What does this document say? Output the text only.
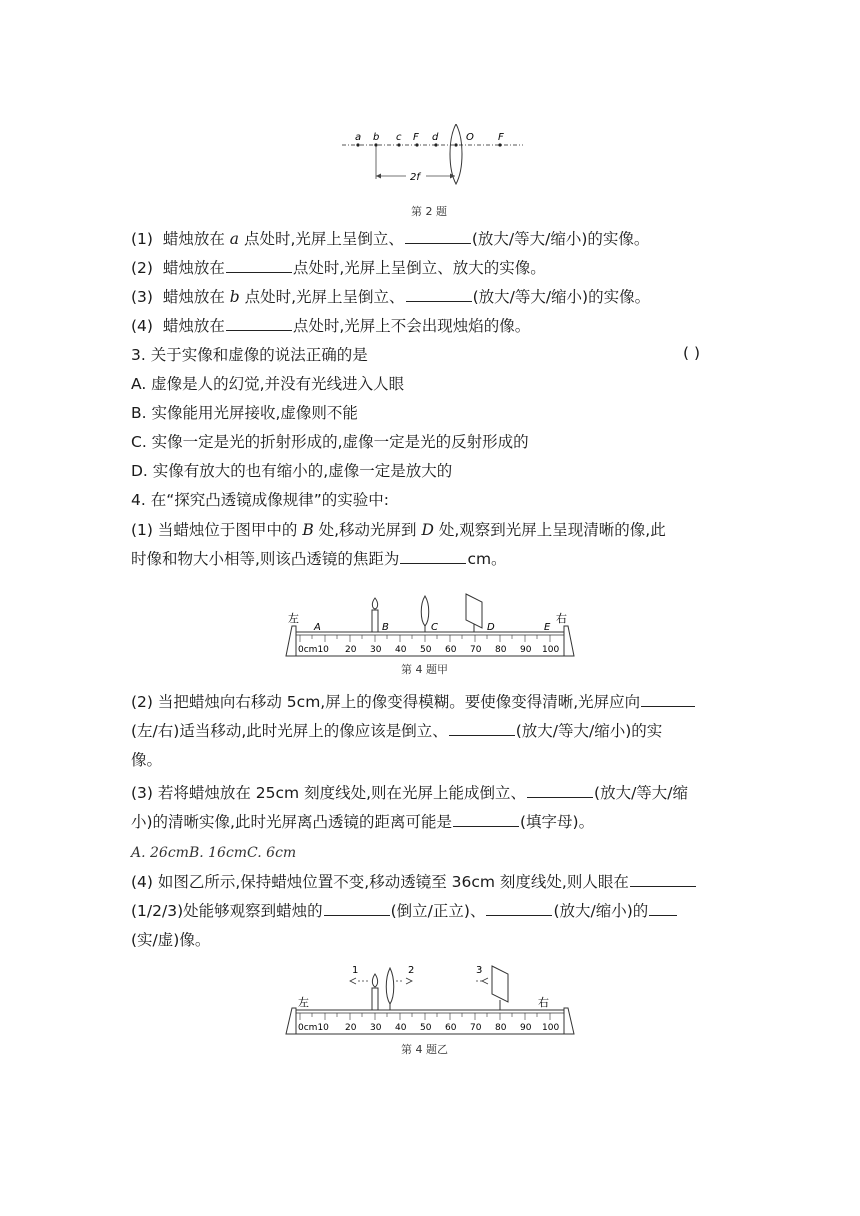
a b c F d	O F
2f
第 2 题
(1) 蜡烛放在 a 点处时,光屏上呈倒立、	(放大/等大/缩小)的实像。
(2) 蜡烛放在	点处时,光屏上呈倒立、放大的实像。
(3) 蜡烛放在 b 点处时,光屏上呈倒立、	(放大/等大/缩小)的实像。
(4) 蜡烛放在	点处时,光屏上不会出现烛焰的像。
3. 关于实像和虚像的说法正确的是	( )
A. 虚像是人的幻觉,并没有光线进入人眼
B. 实像能用光屏接收,虚像则不能
C. 实像一定是光的折射形成的,虚像一定是光的反射形成的
D. 实像有放大的也有缩小的,虚像一定是放大的
4. 在“探究凸透镜成像规律”的实验中:
(1) 当蜡烛位于图甲中的 B 处,移动光屏到 D 处,观察到光屏上呈现清晰的像,此
时像和物大小相等,则该凸透镜的焦距为	cm。
左	右
0cm10 20 30 40 50 60 70 80 90 100
A	B	C	D	E
第 4 题甲
(2) 当把蜡烛向右移动 5cm,屏上的像变得模糊。要使像变得清晰,光屏应向
(左/右)适当移动,此时光屏上的像应该是倒立、	(放大/等大/缩小)的实
像。
(3) 若将蜡烛放在 25cm 刻度线处,则在光屏上能成倒立、	(放大/等大/缩
小)的清晰实像,此时光屏离凸透镜的距离可能是	(填字母)。
A. 26cmB. 16cmC. 6cm
(4) 如图乙所示,保持蜡烛位置不变,移动透镜至 36cm 刻度线处,则人眼在
(1/2/3)处能够观察到蜡烛的	(倒立/正立)、	(放大/缩小)的
(实/虚)像。
左	右
0cm10 20 30 40 50 60 70 80 90 100
1	2	3
第 4 题乙
